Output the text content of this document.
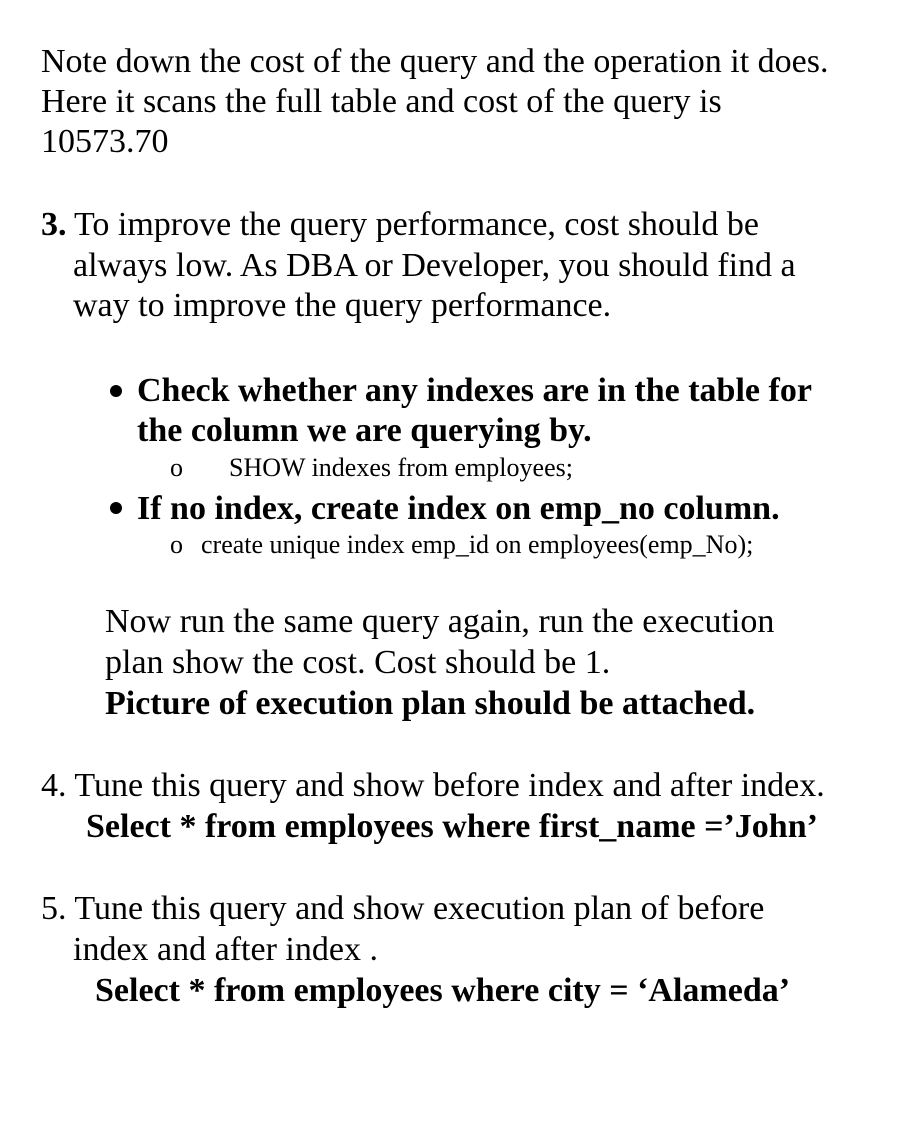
Note down the cost of the query and the operation it does.
Here it scans the full table and cost of the query is
10573.70
3. To improve the query performance, cost should be
always low. As DBA or Developer, you should find a
way to improve the query performance.
Check whether any indexes are in the table for
the column we are querying by.
o SHOW indexes from employees;
If no index, create index on emp_no column.
o create unique index emp_id on employees(emp_No);
Now run the same query again, run the execution
plan show the cost. Cost should be 1.
Picture of execution plan should be attached.
4. Tune this query and show before index and after index.
Select * from employees where first_name =’John’
5. Tune this query and show execution plan of before
index and after index .
Select * from employees where city = ‘Alameda’
